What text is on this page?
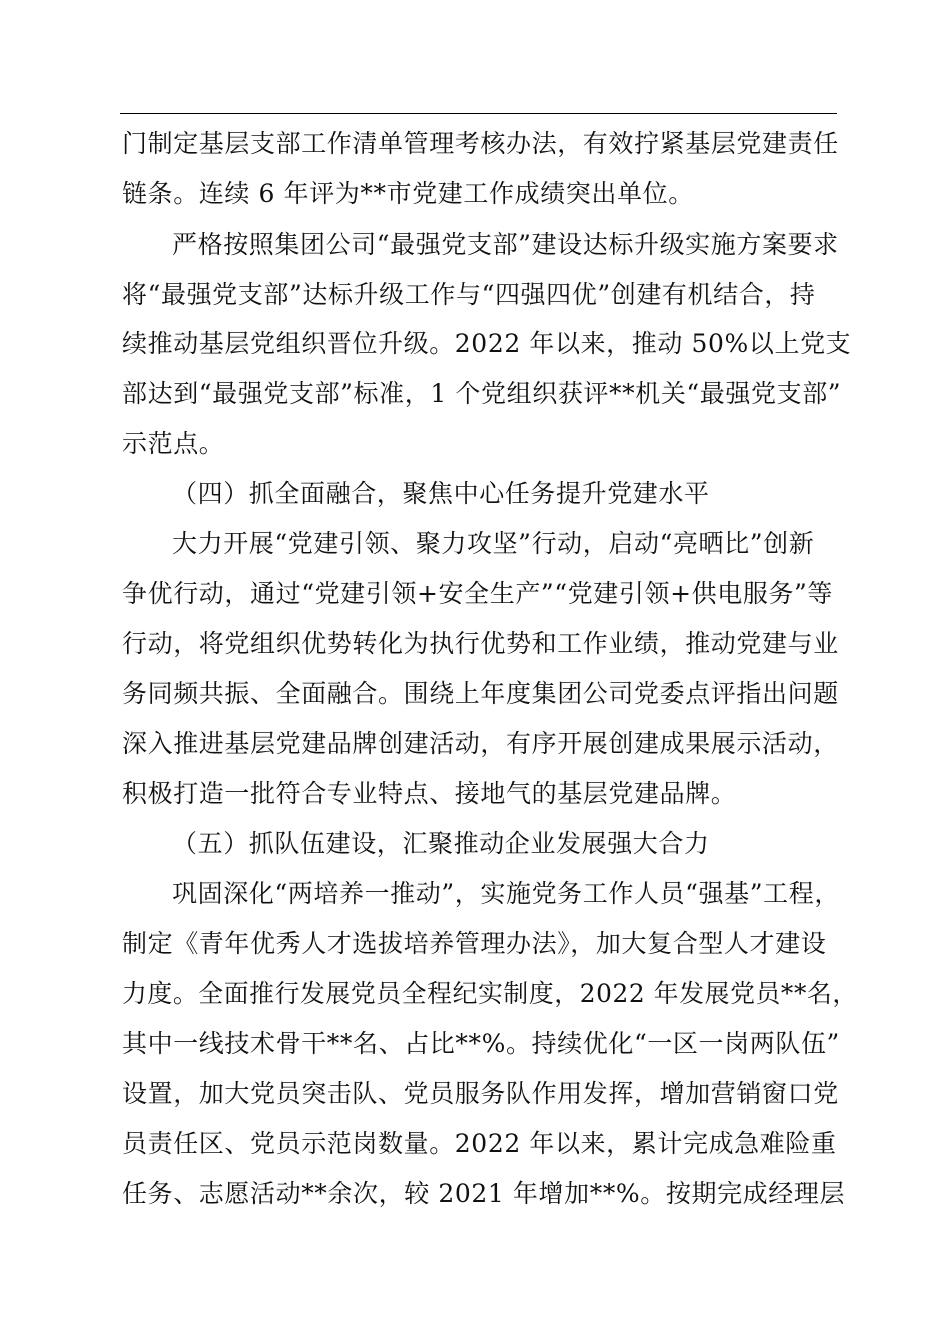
门制定基层支部工作清单管理考核办法，有效拧紧基层党建责任
链条。连续 6 年评为**市党建工作成绩突出单位。
严格按照集团公司“最强党支部”建设达标升级实施方案要求
将“最强党支部”达标升级工作与“四强四优”创建有机结合，持
续推动基层党组织晋位升级。2022 年以来，推动 50%以上党支
部达到“最强党支部”标准，1 个党组织获评**机关“最强党支部”
示范点。
（四）抓全面融合，聚焦中心任务提升党建水平
大力开展“党建引领、聚力攻坚”行动，启动“亮晒比”创新
争优行动，通过“党建引领+安全生产”“党建引领+供电服务”等
行动，将党组织优势转化为执行优势和工作业绩，推动党建与业
务同频共振、全面融合。围绕上年度集团公司党委点评指出问题
深入推进基层党建品牌创建活动，有序开展创建成果展示活动，
积极打造一批符合专业特点、接地气的基层党建品牌。
（五）抓队伍建设，汇聚推动企业发展强大合力
巩固深化“两培养一推动”，实施党务工作人员“强基”工程，
制定《青年优秀人才选拔培养管理办法》，加大复合型人才建设
力度。全面推行发展党员全程纪实制度，2022 年发展党员**名，
其中一线技术骨干**名、占比**%。持续优化“一区一岗两队伍”
设置，加大党员突击队、党员服务队作用发挥，增加营销窗口党
员责任区、党员示范岗数量。2022 年以来，累计完成急难险重
任务、志愿活动**余次，较 2021 年增加**%。按期完成经理层
